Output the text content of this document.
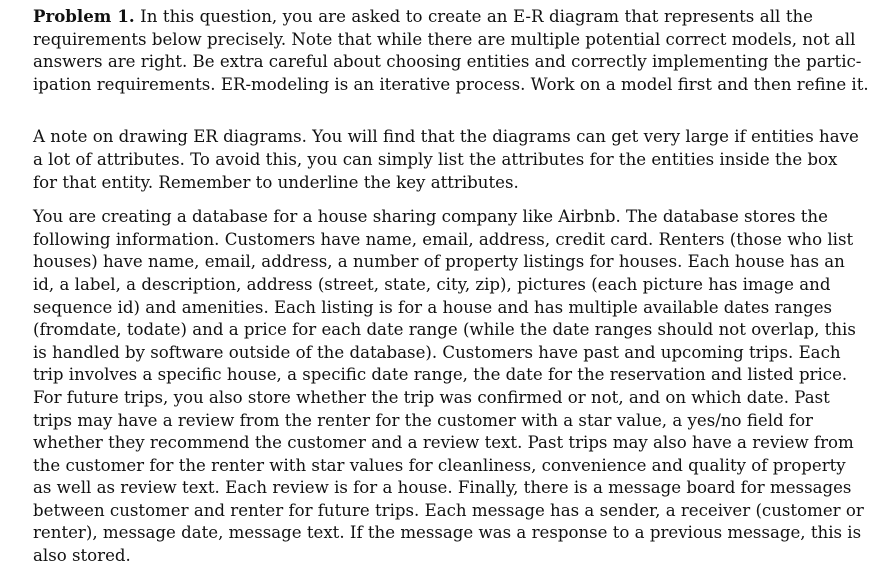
Problem 1. In this question, you are asked to create an E-R diagram that represents all the
requirements below precisely. Note that while there are multiple potential correct models, not all
answers are right. Be extra careful about choosing entities and correctly implementing the partic-
ipation requirements. ER-modeling is an iterative process. Work on a model first and then refine it.

A note on drawing ER diagrams. You will find that the diagrams can get very large if entities have
a lot of attributes. To avoid this, you can simply list the attributes for the entities inside the box
for that entity. Remember to underline the key attributes.

You are creating a database for a house sharing company like Airbnb. The database stores the
following information. Customers have name, email, address, credit card. Renters (those who list
houses) have name, email, address, a number of property listings for houses. Each house has an
id, a label, a description, address (street, state, city, zip), pictures (each picture has image and
sequence id) and amenities. Each listing is for a house and has multiple available dates ranges
(fromdate, todate) and a price for each date range (while the date ranges should not overlap, this
is handled by software outside of the database). Customers have past and upcoming trips. Each
trip involves a specific house, a specific date range, the date for the reservation and listed price.
For future trips, you also store whether the trip was confirmed or not, and on which date. Past
trips may have a review from the renter for the customer with a star value, a yes/no field for
whether they recommend the customer and a review text. Past trips may also have a review from
the customer for the renter with star values for cleanliness, convenience and quality of property
as well as review text. Each review is for a house. Finally, there is a message board for messages
between customer and renter for future trips. Each message has a sender, a receiver (customer or
renter), message date, message text. If the message was a response to a previous message, this is
also stored.
